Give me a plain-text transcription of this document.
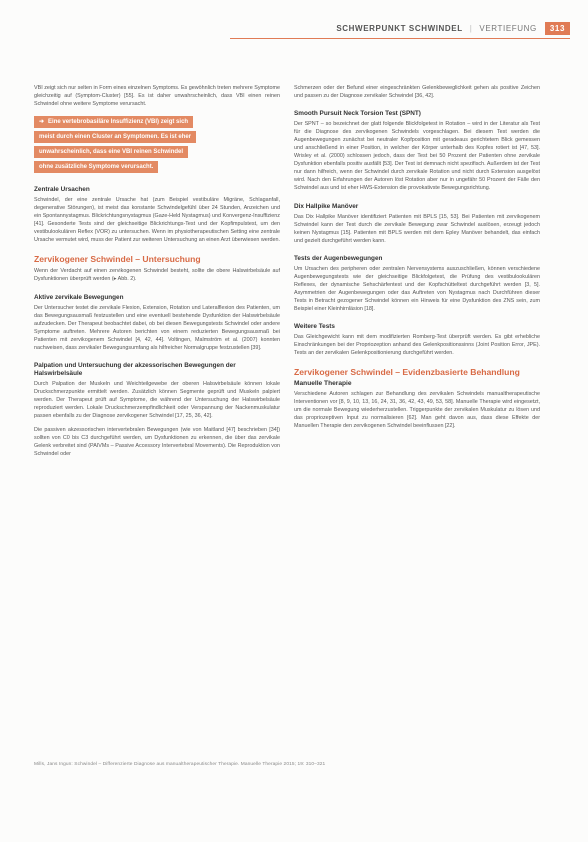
SCHWERPUNKT SCHWINDEL | VERTIEFUNG	313

VBI zeigt sich nur selten in Form eines einzelnen Symptoms. Es gewöhnlich treten mehrere Symptome gleichzeitig auf (Symptom-Cluster) [55]. Es ist daher unwahrscheinlich, dass VBI einen reinen Schwindel ohne weitere Symptome verursacht.

➜ Eine vertebrobasiläre Insuffizienz (VBI) zeigt sich
meist durch einen Cluster an Symptomen. Es ist eher
unwahrscheinlich, dass eine VBI reinen Schwindel
ohne zusätzliche Symptome verursacht.
Zentrale Ursachen

Schwindel, der eine zentrale Ursache hat (zum Beispiel vestibuläre Migräne, Schlaganfall, degenerative Störungen), ist meist das konstante Schwindelgefühl über 24 Stunden, Anzeichen und ein Spontannystagmus. Blickrichtungsnystagmus (Gaze-Held Nystagmus) und Konvergenz-Insuffizienz [41]. Gesonderte Tests sind der gleichseitige Blickrichtungs-Test und der Kopfimpulstest, um den vestibulookulären Reflex (VOR) zu untersuchen. Wenn im physiotherapeutischen Setting eine zentrale Ursache vermutet wird, muss der Patient zur weiteren Untersuchung an einen Arzt überwiesen werden.

Zervikogener Schwindel – Untersuchung

Wenn der Verdacht auf einen zervikogenen Schwindel besteht, sollte die obere Halswirbelsäule auf Dysfunktionen überprüft werden (▸ Abb. 2).

Aktive zervikale Bewegungen

Der Untersucher testet die zervikale Flexion, Extension, Rotation und Lateralflexion des Patienten, um das Bewegungsausmaß festzustellen und eine eventuell bestehende Dysfunktion der Halswirbelsäule aufzudecken. Der Therapeut beobachtet dabei, ob bei diesen Bewegungstests Schwindel oder andere Symptome auftreten. Mehrere Autoren berichten von einem reduzierten Bewegungsausmaß bei Patienten mit zervikogenem Schwindel [4, 42, 44]. Voltingen, Malmström et al. (2007) konnten nachweisen, dass zervikaler Bewegungsumfang als hilfreicher Normalgruppe festzustellen [39].

Palpation und Untersuchung der akzessorischen Bewegungen der Halswirbelsäule

Durch Palpation der Muskeln und Weichteilgewebe der oberen Halswirbelsäule können lokale Druckschmerzpunkte ermittelt werden. Zusätzlich können Segmente geprüft und Muskeln palpiert werden. Der Therapeut prüft auf Symptome, die während der Untersuchung der Halswirbelsäule reproduziert werden. Lokale Druckschmerzempfindlichkeit oder Verspannung der Nackenmuskulatur passen ebenfalls zu der Diagnose zervikogener Schwindel [17, 25, 36, 42].

Die passiven akzessorischen intervertebralen Bewegungen (wie von Maitland [47] beschrieben [34]) sollten von C0 bis C3 durchgeführt werden, um Dysfunktionen zu erkennen, die über das zervikale Gelenk verbreitet sind (PAIVMs – Passive Accessory Intervertebral Movements). Die Reproduktion von Schwindel oder

Schmerzen oder der Befund einer eingeschränkten Gelenkbeweglichkeit gehen als positive Zeichen und passen zu der Diagnose zervikaler Schwindel [36, 42].

Smooth Pursuit Neck Torsion Test (SPNT)

Der SPNT – so bezeichnet der glatt folgende Blickfolgetest in Rotation – wird in der Literatur als Test für die Diagnose des zervikogenen Schwindels vorgeschlagen. Bei diesem Test werden die Augenbewegungen zunächst bei neutraler Kopfposition mit geradeaus gerichtetem Blick gemessen und anschließend in einer Position, in welcher der Körper unterhalb des Kopfes rotiert ist [47, 53]. Wrisley et al. (2000) schlossen jedoch, dass der Test bei 50 Prozent der Patienten ohne zervikale Dysfunktion ebenfalls positiv ausfällt [53]. Der Test ist demnach nicht spezifisch. Außerdem ist der Test nur dann hilfreich, wenn der Schwindel durch zervikale Rotation und nicht durch Extension ausgelöst wird. Nach den Erfahrungen der Autoren löst Rotation aber nur in ungefähr 50 Prozent der Fälle den Schwindel aus und ist eher HWS-Extension die provokativste Bewegungsrichtung.

Dix Hallpike Manöver

Das Dix Hallpike Manöver identifiziert Patienten mit BPLS [15, 53]. Bei Patienten mit zervikogenem Schwindel kann der Test durch die zervikale Bewegung zwar Schwindel auslösen, erzeugt jedoch keinen Nystagmus [15]. Patienten mit BPLS werden mit dem Epley Manöver behandelt, das einfach und gezielt durchgeführt werden kann.

Tests der Augenbewegungen

Um Ursachen des peripheren oder zentralen Nervensystems auszuschließen, können verschiedene Augenbewegungstests wie der gleichseitige Blickfolgetest, die Prüfung des vestibulookulären Reflexes, der dynamische Sehschärfentest und der Kopfschütteltest durchgeführt werden [3, 5]. Asymmetrien der Augenbewegungen oder das Auftreten von Nystagmus nach Durchführen dieser Tests in Betracht gezogener Schwindel können ein Hinweis für eine Dysfunktion des ZNS sein, zum Beispiel einer Kleinhirnläsion [18].

Weitere Tests

Das Gleichgewicht kann mit dem modifizierten Romberg-Test überprüft werden. Es gibt erhebliche Einschränkungen bei der Propriozeption anhand des Gelenkpositionssinns (Joint Position Error, JPE). Tests an der zervikalen Gelenkpositionierung durchgeführt werden.

Zervikogener Schwindel – Evidenzbasierte Behandlung
Manuelle Therapie

Verschiedene Autoren schlagen zur Behandlung des zervikalen Schwindels manualtherapeutische Interventionen vor [8, 9, 10, 13, 16, 24, 31, 36, 42, 43, 49, 53, 58]. Manuelle Therapie wird eingesetzt, um die normale Bewegung wiederherzustellen. Triggerpunkte der zervikalen Muskulatur zu lösen und das propriozeptiven Input zu normalisieren [62]. Man geht davon aus, dass diese Effekte der Manuellen Therapie den zervikogenen Schwindel beeinflussen [22].

Mills, Jans Ingun: Schwindel – Differenzierte Diagnose aus manualtherapeutischer Therapie. Manuelle Therapie 2015; 19: 310–321
